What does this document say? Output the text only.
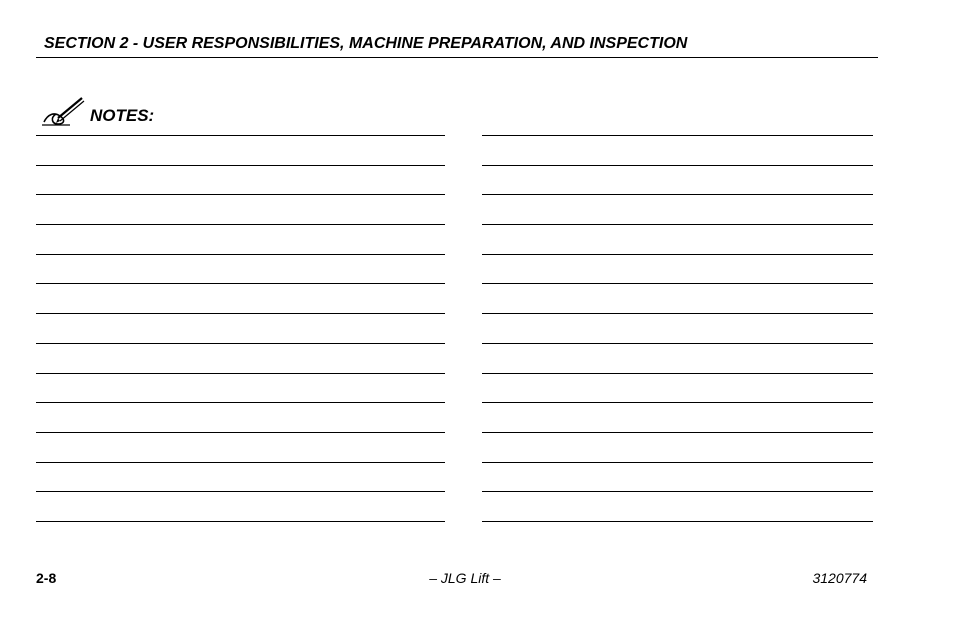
SECTION 2 - USER RESPONSIBILITIES, MACHINE PREPARATION, AND INSPECTION
NOTES:
2-8	– JLG Lift –	3120774
